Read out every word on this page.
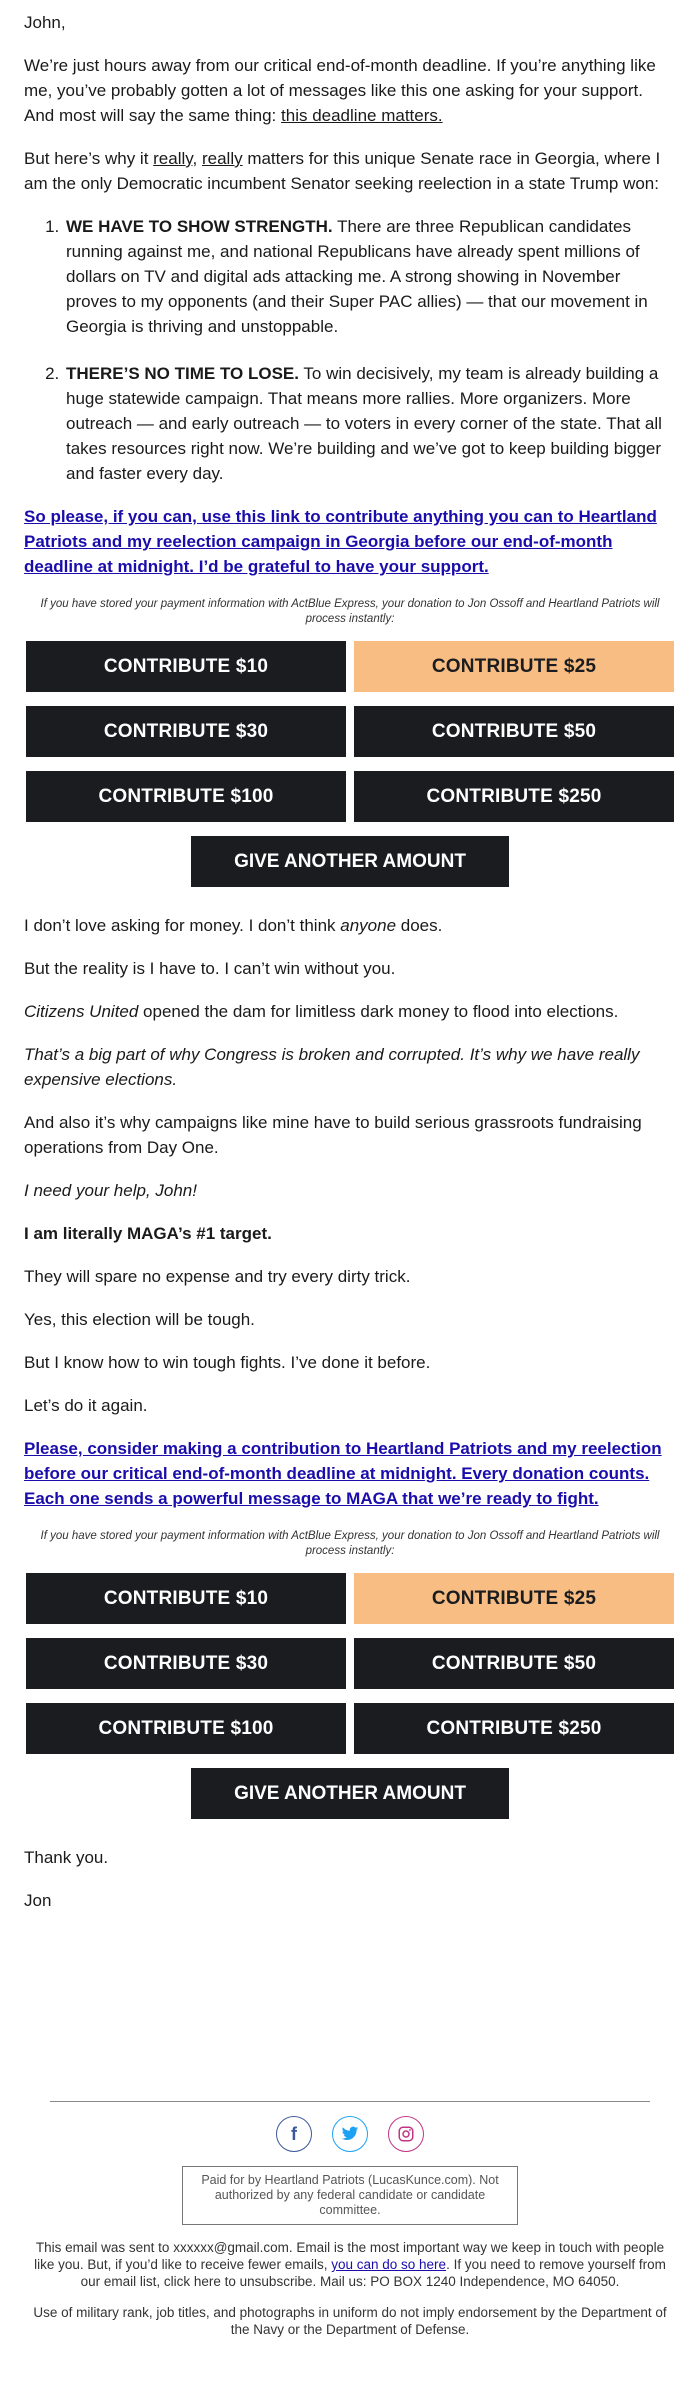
John,

We’re just hours away from our critical end-of-month deadline. If you’re anything like me, you’ve probably gotten a lot of messages like this one asking for your support. And most will say the same thing: this deadline matters.

But here’s why it really, really matters for this unique Senate race in Georgia, where I am the only Democratic incumbent Senator seeking reelection in a state Trump won:

1. WE HAVE TO SHOW STRENGTH. There are three Republican candidates running against me, and national Republicans have already spent millions of dollars on TV and digital ads attacking me. A strong showing in November proves to my opponents (and their Super PAC allies) — that our movement in Georgia is thriving and unstoppable.
2. THERE’S NO TIME TO LOSE. To win decisively, my team is already building a huge statewide campaign. That means more rallies. More organizers. More outreach — and early outreach — to voters in every corner of the state. That all takes resources right now. We’re building and we’ve got to keep building bigger and faster every day.
So please, if you can, use this link to contribute anything you can to Heartland Patriots and my reelection campaign in Georgia before our end-of-month deadline at midnight. I’d be grateful to have your support.
If you have stored your payment information with ActBlue Express, your donation to Jon Ossoff and Heartland Patriots will process instantly:
CONTRIBUTE $10	CONTRIBUTE $25
CONTRIBUTE $30	CONTRIBUTE $50
CONTRIBUTE $100	CONTRIBUTE $250
GIVE ANOTHER AMOUNT

I don’t love asking for money. I don’t think anyone does.

But the reality is I have to. I can’t win without you.

Citizens United opened the dam for limitless dark money to flood into elections.

That’s a big part of why Congress is broken and corrupted. It’s why we have really expensive elections.

And also it’s why campaigns like mine have to build serious grassroots fundraising operations from Day One.

I need your help, John!

I am literally MAGA’s #1 target.

They will spare no expense and try every dirty trick.

Yes, this election will be tough.

But I know how to win tough fights. I’ve done it before.

Let’s do it again.

Please, consider making a contribution to Heartland Patriots and my reelection before our critical end-of-month deadline at midnight. Every donation counts. Each one sends a powerful message to MAGA that we’re ready to fight.
If you have stored your payment information with ActBlue Express, your donation to Jon Ossoff and Heartland Patriots will process instantly:
CONTRIBUTE $10	CONTRIBUTE $25
CONTRIBUTE $30	CONTRIBUTE $50
CONTRIBUTE $100	CONTRIBUTE $250
GIVE ANOTHER AMOUNT

Thank you.

Jon

f
Paid for by Heartland Patriots (LucasKunce.com). Not authorized by any federal candidate or candidate committee.
This email was sent to xxxxxx@gmail.com. Email is the most important way we keep in touch with people like you. But, if you’d like to receive fewer emails, you can do so here. If you need to remove yourself from our email list, click here to unsubscribe. Mail us: PO BOX 1240 Independence, MO 64050.
Use of military rank, job titles, and photographs in uniform do not imply endorsement by the Department of the Navy or the Department of Defense.
